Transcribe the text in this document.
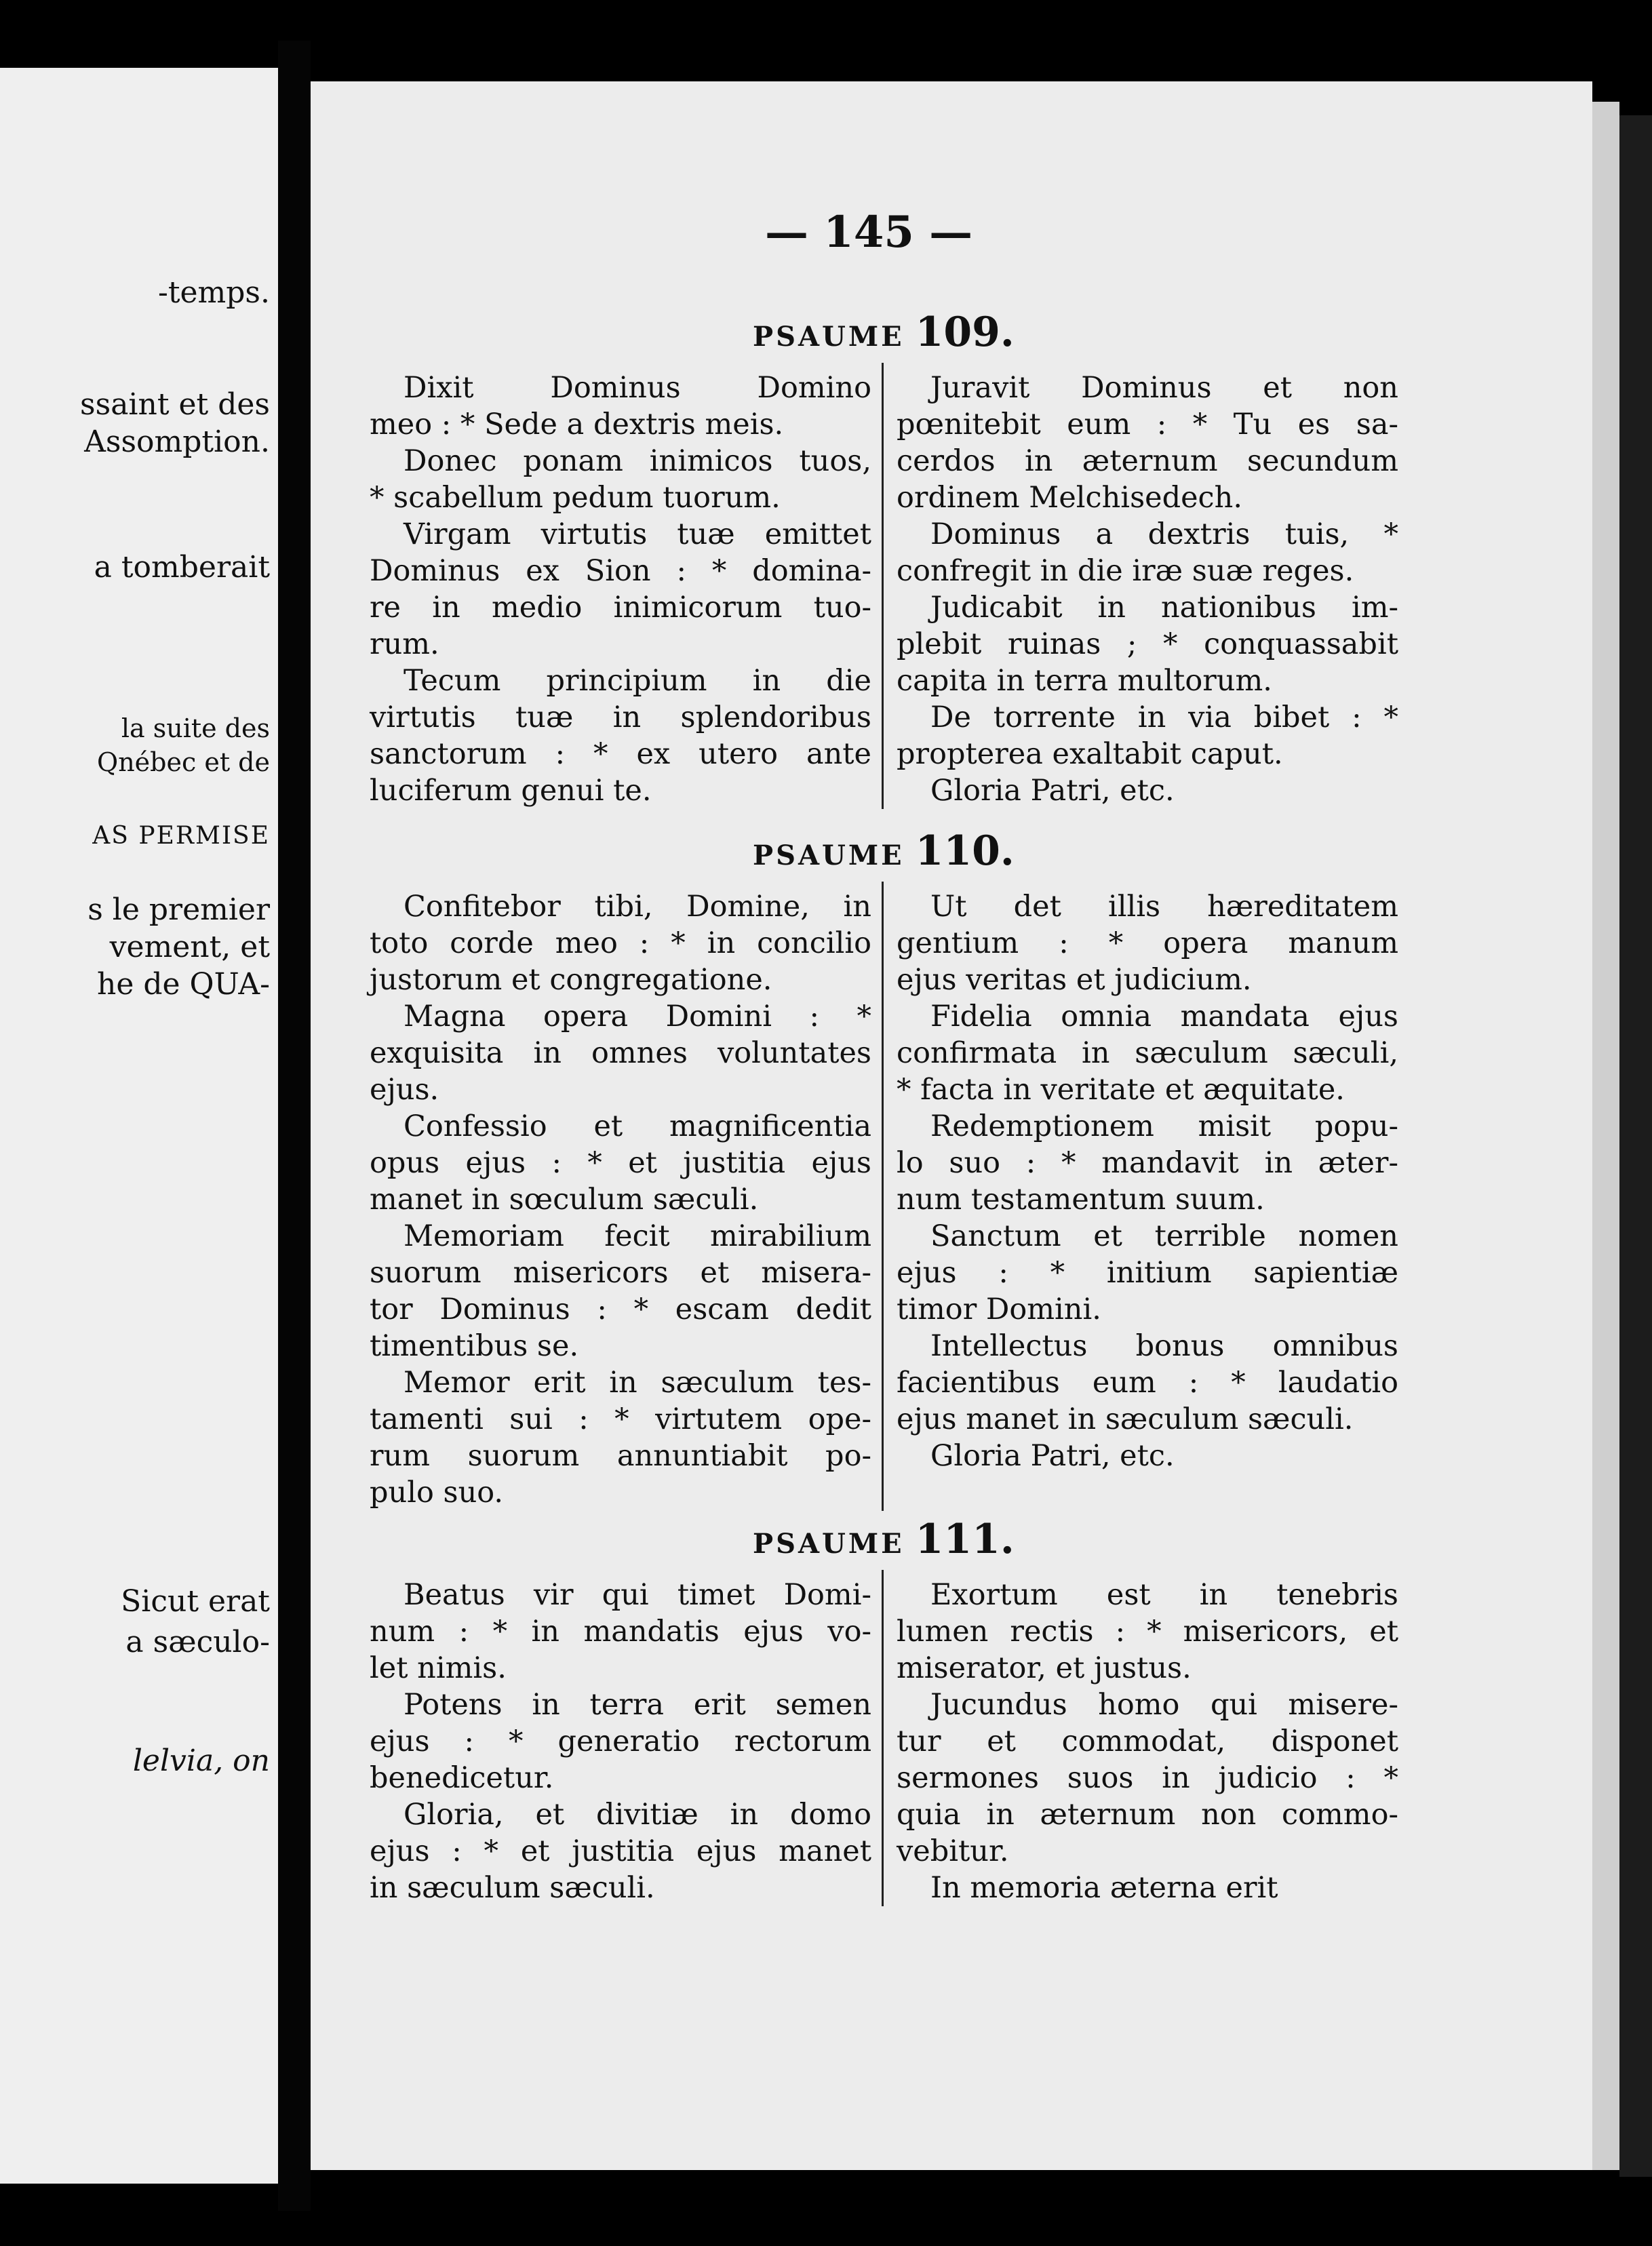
-temps.
ssaint et des
Assomption.
a tomberait
la suite des
Qnébec et de
AS PERMISE
s le premier
vement, et
he de QUA-
Sicut erat
a sæculo-
lelvia, on
— 145 —
PSAUME 109.
Dixit Dominus Domino
meo : * Sede a dextris meis.
Donec ponam inimicos tuos,
* scabellum pedum tuorum.
Virgam virtutis tuæ emittet
Dominus ex Sion : * domina-
re in medio inimicorum tuo-
rum.
Tecum principium in die
virtutis tuæ in splendoribus
sanctorum : * ex utero ante
luciferum genui te.
Juravit Dominus et non
pœnitebit eum : * Tu es sa-
cerdos in æternum secundum
ordinem Melchisedech.
Dominus a dextris tuis, *
confregit in die iræ suæ reges.
Judicabit in nationibus im-
plebit ruinas ; * conquassabit
capita in terra multorum.
De torrente in via bibet : *
propterea exaltabit caput.
Gloria Patri, etc.
PSAUME 110.
Confitebor tibi, Domine, in
toto corde meo : * in concilio
justorum et congregatione.
Magna opera Domini : *
exquisita in omnes voluntates
ejus.
Confessio et magnificentia
opus ejus : * et justitia ejus
manet in sœculum sæculi.
Memoriam fecit mirabilium
suorum misericors et misera-
tor Dominus : * escam dedit
timentibus se.
Memor erit in sæculum tes-
tamenti sui : * virtutem ope-
rum suorum annuntiabit po-
pulo suo.
Ut det illis hæreditatem
gentium : * opera manum
ejus veritas et judicium.
Fidelia omnia mandata ejus
confirmata in sæculum sæculi,
* facta in veritate et æquitate.
Redemptionem misit popu-
lo suo : * mandavit in æter-
num testamentum suum.
Sanctum et terrible nomen
ejus : * initium sapientiæ
timor Domini.
Intellectus bonus omnibus
facientibus eum : * laudatio
ejus manet in sæculum sæculi.
Gloria Patri, etc.
PSAUME 111.
Beatus vir qui timet Domi-
num : * in mandatis ejus vo-
let nimis.
Potens in terra erit semen
ejus : * generatio rectorum
benedicetur.
Gloria, et divitiæ in domo
ejus : * et justitia ejus manet
in sæculum sæculi.
Exortum est in tenebris
lumen rectis : * misericors, et
miserator, et justus.
Jucundus homo qui misere-
tur et commodat, disponet
sermones suos in judicio : *
quia in æternum non commo-
vebitur.
In memoria æterna erit
